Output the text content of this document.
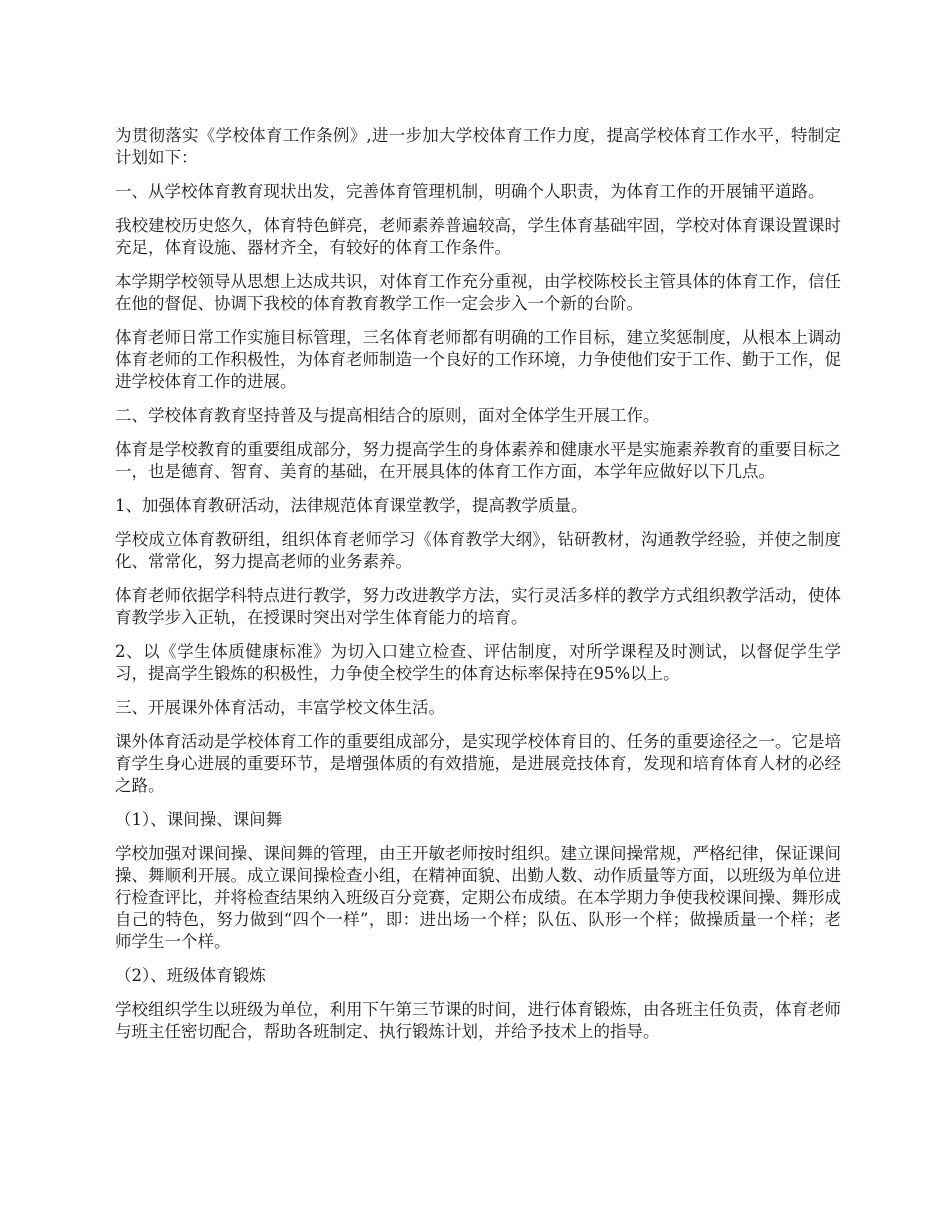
为贯彻落实《学校体育工作条例》,进一步加大学校体育工作力度，提高学校体育工作水平，特制定计划如下：

一、从学校体育教育现状出发，完善体育管理机制，明确个人职责，为体育工作的开展铺平道路。

我校建校历史悠久，体育特色鲜亮，老师素养普遍较高，学生体育基础牢固，学校对体育课设置课时充足，体育设施、器材齐全，有较好的体育工作条件。

本学期学校领导从思想上达成共识，对体育工作充分重视，由学校陈校长主管具体的体育工作，信任在他的督促、协调下我校的体育教育教学工作一定会步入一个新的台阶。

体育老师日常工作实施目标管理，三名体育老师都有明确的工作目标，建立奖惩制度，从根本上调动体育老师的工作积极性，为体育老师制造一个良好的工作环境，力争使他们安于工作、勤于工作，促进学校体育工作的进展。

二、学校体育教育坚持普及与提高相结合的原则，面对全体学生开展工作。

体育是学校教育的重要组成部分，努力提高学生的身体素养和健康水平是实施素养教育的重要目标之一，也是德育、智育、美育的基础，在开展具体的体育工作方面，本学年应做好以下几点。

1、加强体育教研活动，法律规范体育课堂教学，提高教学质量。

学校成立体育教研组，组织体育老师学习《体育教学大纲》，钻研教材，沟通教学经验，并使之制度化、常常化，努力提高老师的业务素养。

体育老师依据学科特点进行教学，努力改进教学方法，实行灵活多样的教学方式组织教学活动，使体育教学步入正轨，在授课时突出对学生体育能力的培育。

2、以《学生体质健康标准》为切入口建立检查、评估制度，对所学课程及时测试，以督促学生学习，提高学生锻炼的积极性，力争使全校学生的体育达标率保持在95%以上。

三、开展课外体育活动，丰富学校文体生活。

课外体育活动是学校体育工作的重要组成部分，是实现学校体育目的、任务的重要途径之一。它是培育学生身心进展的重要环节，是增强体质的有效措施，是进展竞技体育，发现和培育体育人材的必经之路。

（1）、课间操、课间舞

学校加强对课间操、课间舞的管理，由王开敏老师按时组织。建立课间操常规，严格纪律，保证课间操、舞顺利开展。成立课间操检查小组，在精神面貌、出勤人数、动作质量等方面，以班级为单位进行检查评比，并将检查结果纳入班级百分竞赛，定期公布成绩。在本学期力争使我校课间操、舞形成自己的特色，努力做到“四个一样”，即：进出场一个样；队伍、队形一个样；做操质量一个样；老师学生一个样。

（2）、班级体育锻炼

学校组织学生以班级为单位，利用下午第三节课的时间，进行体育锻炼，由各班主任负责，体育老师与班主任密切配合，帮助各班制定、执行锻炼计划，并给予技术上的指导。
